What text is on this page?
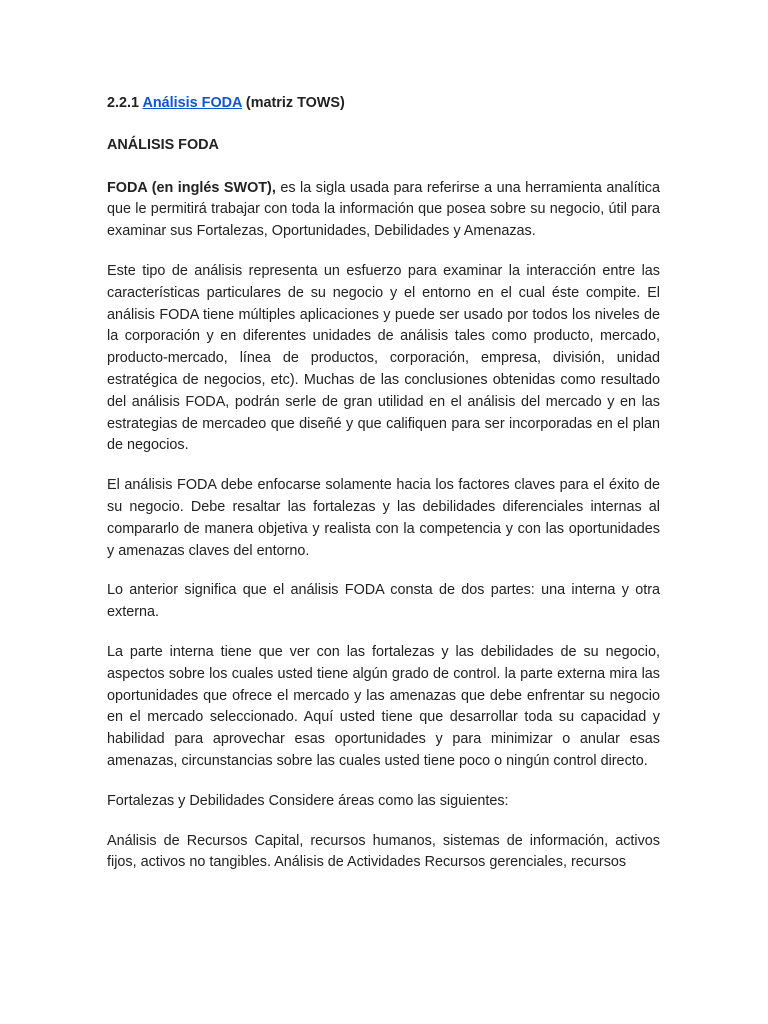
2.2.1 Análisis FODA (matriz TOWS)

ANÁLISIS FODA

FODA (en inglés SWOT), es la sigla usada para referirse a una herramienta analítica que le permitirá trabajar con toda la información que posea sobre su negocio, útil para examinar sus Fortalezas, Oportunidades, Debilidades y Amenazas.

Este tipo de análisis representa un esfuerzo para examinar la interacción entre las características particulares de su negocio y el entorno en el cual éste compite. El análisis FODA tiene múltiples aplicaciones y puede ser usado por todos los niveles de la corporación y en diferentes unidades de análisis tales como producto, mercado, producto-mercado, línea de productos, corporación, empresa, división, unidad estratégica de negocios, etc). Muchas de las conclusiones obtenidas como resultado del análisis FODA, podrán serle de gran utilidad en el análisis del mercado y en las estrategias de mercadeo que diseñé y que califiquen para ser incorporadas en el plan de negocios.

El análisis FODA debe enfocarse solamente hacia los factores claves para el éxito de su negocio. Debe resaltar las fortalezas y las debilidades diferenciales internas al compararlo de manera objetiva y realista con la competencia y con las oportunidades y amenazas claves del entorno.

Lo anterior significa que el análisis FODA consta de dos partes: una interna y otra externa.

La parte interna tiene que ver con las fortalezas y las debilidades de su negocio, aspectos sobre los cuales usted tiene algún grado de control. la parte externa mira las oportunidades que ofrece el mercado y las amenazas que debe enfrentar su negocio en el mercado seleccionado. Aquí usted tiene que desarrollar toda su capacidad y habilidad para aprovechar esas oportunidades y para minimizar o anular esas amenazas, circunstancias sobre las cuales usted tiene poco o ningún control directo.

Fortalezas y Debilidades Considere áreas como las siguientes:

Análisis de Recursos Capital, recursos humanos, sistemas de información, activos fijos, activos no tangibles. Análisis de Actividades Recursos gerenciales, recursos
